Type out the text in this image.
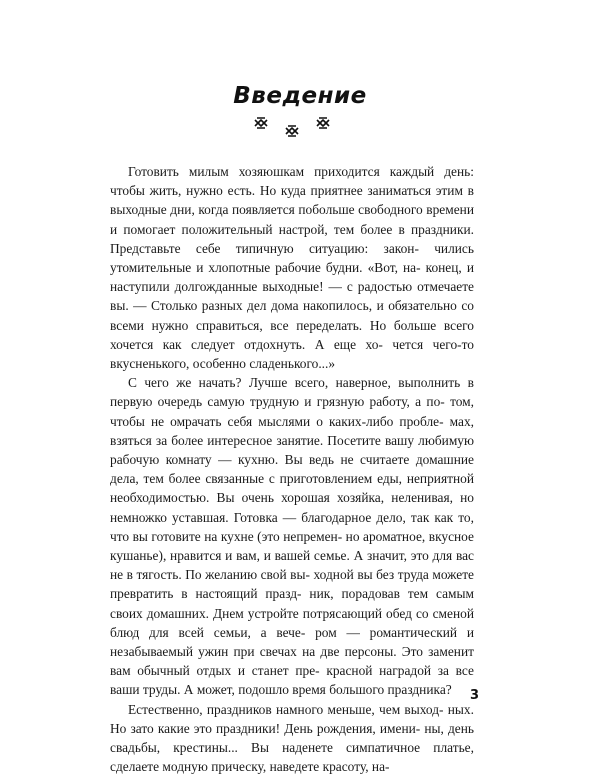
Введение

Готовить милым хозяюшкам приходится каждый день: чтобы жить, нужно есть. Но куда приятнее заниматься этим в выходные дни, когда появляется побольше свободного времени и помогает положительный настрой, тем более в праздники. Представьте себе типичную ситуацию: закон- чились утомительные и хлопотные рабочие будни. «Вот, на- конец, и наступили долгожданные выходные! — с радостью отмечаете вы. — Столько разных дел дома накопилось, и обязательно со всеми нужно справиться, все переделать. Но больше всего хочется как следует отдохнуть. А еще хо- чется чего-то вкусненького, особенно сладенького...»

С чего же начать? Лучше всего, наверное, выполнить в первую очередь самую трудную и грязную работу, а по- том, чтобы не омрачать себя мыслями о каких-либо пробле- мах, взяться за более интересное занятие. Посетите вашу любимую рабочую комнату — кухню. Вы ведь не считаете домашние дела, тем более связанные с приготовлением еды, неприятной необходимостью. Вы очень хорошая хозяйка, неленивая, но немножко уставшая. Готовка — благодарное дело, так как то, что вы готовите на кухне (это непремен- но ароматное, вкусное кушанье), нравится и вам, и вашей семье. А значит, это для вас не в тягость. По желанию свой вы- ходной вы без труда можете превратить в настоящий празд- ник, порадовав тем самым своих домашних. Днем устройте потрясающий обед со сменой блюд для всей семьи, а вече- ром — романтический и незабываемый ужин при свечах на две персоны. Это заменит вам обычный отдых и станет пре- красной наградой за все ваши труды. А может, подошло время большого праздника?

Естественно, праздников намного меньше, чем выход- ных. Но зато какие это праздники! День рождения, имени- ны, день свадьбы, крестины... Вы наденете симпатичное платье, сделаете модную прическу, наведете красоту, на-

3
